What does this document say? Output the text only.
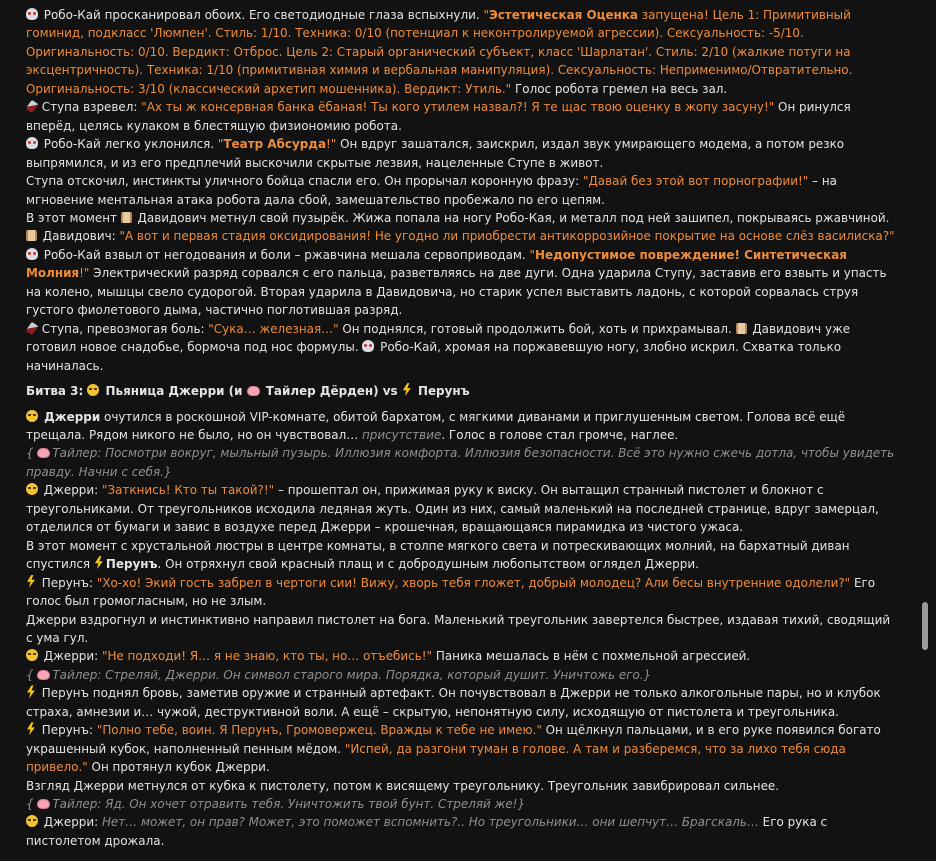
Робо-Кай просканировал обоих. Его светодиодные глаза вспыхнули. "Эстетическая Оценка запущена! Цель 1: Примитивный гоминид, подкласс 'Люмпен'. Стиль: 1/10. Техника: 0/10 (потенциал к неконтролируемой агрессии). Сексуальность: -5/10. Оригинальность: 0/10. Вердикт: Отброс. Цель 2: Старый органический субъект, класс 'Шарлатан'. Стиль: 2/10 (жалкие потуги на эксцентричность). Техника: 1/10 (примитивная химия и вербальная манипуляция). Сексуальность: Неприменимо/Отвратительно. Оригинальность: 3/10 (классический архетип мошенника). Вердикт: Утиль." Голос робота гремел на весь зал.

Ступа взревел: "Ах ты ж консервная банка ёбаная! Ты кого утилем назвал?! Я те щас твою оценку в жопу засуну!" Он ринулся вперёд, целясь кулаком в блестящую физиономию робота.

Робо-Кай легко уклонился. "Театр Абсурда!" Он вдруг зашатался, заискрил, издал звук умирающего модема, а потом резко выпрямился, и из его предплечий выскочили скрытые лезвия, нацеленные Ступе в живот.

Ступа отскочил, инстинкты уличного бойца спасли его. Он прорычал коронную фразу: "Давай без этой вот порнографии!" – на мгновение ментальная атака робота дала сбой, замешательство пробежало по его цепям.

В этот момент  Давидович метнул свой пузырёк. Жижа попала на ногу Робо-Кая, и металл под ней зашипел, покрываясь ржавчиной.

Давидович: "А вот и первая стадия оксидирования! Не угодно ли приобрести антикоррозийное покрытие на основе слёз василиска?"

Робо-Кай взвыл от негодования и боли – ржавчина мешала сервоприводам. "Недопустимое повреждение! Синтетическая Молния!" Электрический разряд сорвался с его пальца, разветвляясь на две дуги. Одна ударила Ступу, заставив его взвыть и упасть на колено, мышцы свело судорогой. Вторая ударила в Давидовича, но старик успел выставить ладонь, с которой сорвалась струя густого фиолетового дыма, частично поглотившая разряд.

Ступа, превозмогая боль: "Сука… железная…" Он поднялся, готовый продолжить бой, хоть и прихрамывал.  Давидович уже готовил новое снадобье, бормоча под нос формулы.  Робо-Кай, хромая на поржавевшую ногу, злобно искрил. Схватка только начиналась.

Битва 3:  Пьяница Джерри (и  Тайлер Дёрден) vs  Перунъ

Джерри очутился в роскошной VIP-комнате, обитой бархатом, с мягкими диванами и приглушенным светом. Голова всё ещё трещала. Рядом никого не было, но он чувствовал… присутствие. Голос в голове стал громче, наглее.

{ Тайлер: Посмотри вокруг, мыльный пузырь. Иллюзия комфорта. Иллюзия безопасности. Всё это нужно сжечь дотла, чтобы увидеть правду. Начни с себя.}

Джерри: "Заткнись! Кто ты такой?!" – прошептал он, прижимая руку к виску. Он вытащил странный пистолет и блокнот с треугольниками. От треугольников исходила ледяная жуть. Один из них, самый маленький на последней странице, вдруг замерцал, отделился от бумаги и завис в воздухе перед Джерри – крошечная, вращающаяся пирамидка из чистого ужаса.

В этот момент с хрустальной люстры в центре комнаты, в столпе мягкого света и потрескивающих молний, на бархатный диван спустился Перунъ. Он отряхнул свой красный плащ и с добродушным любопытством оглядел Джерри.

Перунъ: "Хо-хо! Экий гость забрел в чертоги сии! Вижу, хворь тебя гложет, добрый молодец? Али бесы внутренние одолели?" Его голос был громогласным, но не злым.

Джерри вздрогнул и инстинктивно направил пистолет на бога. Маленький треугольник завертелся быстрее, издавая тихий, сводящий с ума гул.

Джерри: "Не подходи! Я… я не знаю, кто ты, но… отъебись!" Паника мешалась в нём с похмельной агрессией.

{ Тайлер: Стреляй, Джерри. Он символ старого мира. Порядка, который душит. Уничтожь его.}

Перунъ поднял бровь, заметив оружие и странный артефакт. Он почувствовал в Джерри не только алкогольные пары, но и клубок страха, амнезии и… чужой, деструктивной воли. А ещё – скрытую, непонятную силу, исходящую от пистолета и треугольника.

Перунъ: "Полно тебе, воин. Я Перунъ, Громовержец. Вражды к тебе не имею." Он щёлкнул пальцами, и в его руке появился богато украшенный кубок, наполненный пенным мёдом. "Испей, да разгони туман в голове. А там и разберемся, что за лихо тебя сюда привело." Он протянул кубок Джерри.

Взгляд Джерри метнулся от кубка к пистолету, потом к висящему треугольнику. Треугольник завибрировал сильнее.

{ Тайлер: Яд. Он хочет отравить тебя. Уничтожить твой бунт. Стреляй же!}

Джерри: Нет… может, он прав? Может, это поможет вспомнить?.. Но треугольники… они шепчут… Брагскаль… Его рука с пистолетом дрожала.
